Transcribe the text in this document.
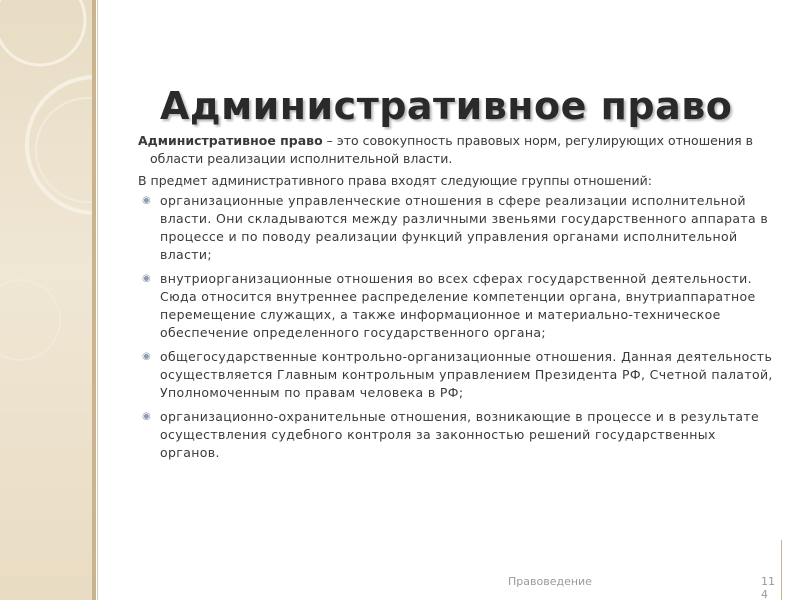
Административное право

Административное право – это совокупность правовых норм, регулирующих отношения в области реализации исполнительной власти.

В предмет административного права входят следующие группы отношений:

◉ организационные управленческие отношения в сфере реализации исполнительной власти. Они складываются между различными звеньями государственного аппарата в процессе и по поводу реализации функций управления органами исполнительной власти;
◉ внутриорганизационные отношения во всех сферах государственной деятельности. Сюда относится внутреннее распределение компетенции органа, внутриаппаратное перемещение служащих, а также информационное и материально-техническое обеспечение определенного государственного органа;
◉ общегосударственные контрольно-организационные отношения. Данная деятельность осуществляется Главным контрольным управлением Президента РФ, Счетной палатой, Уполномоченным по правам человека в РФ;
◉ организационно-охранительные отношения, возникающие в процессе и в результате осуществления судебного контроля за законностью решений государственных органов.
Правоведение	114
